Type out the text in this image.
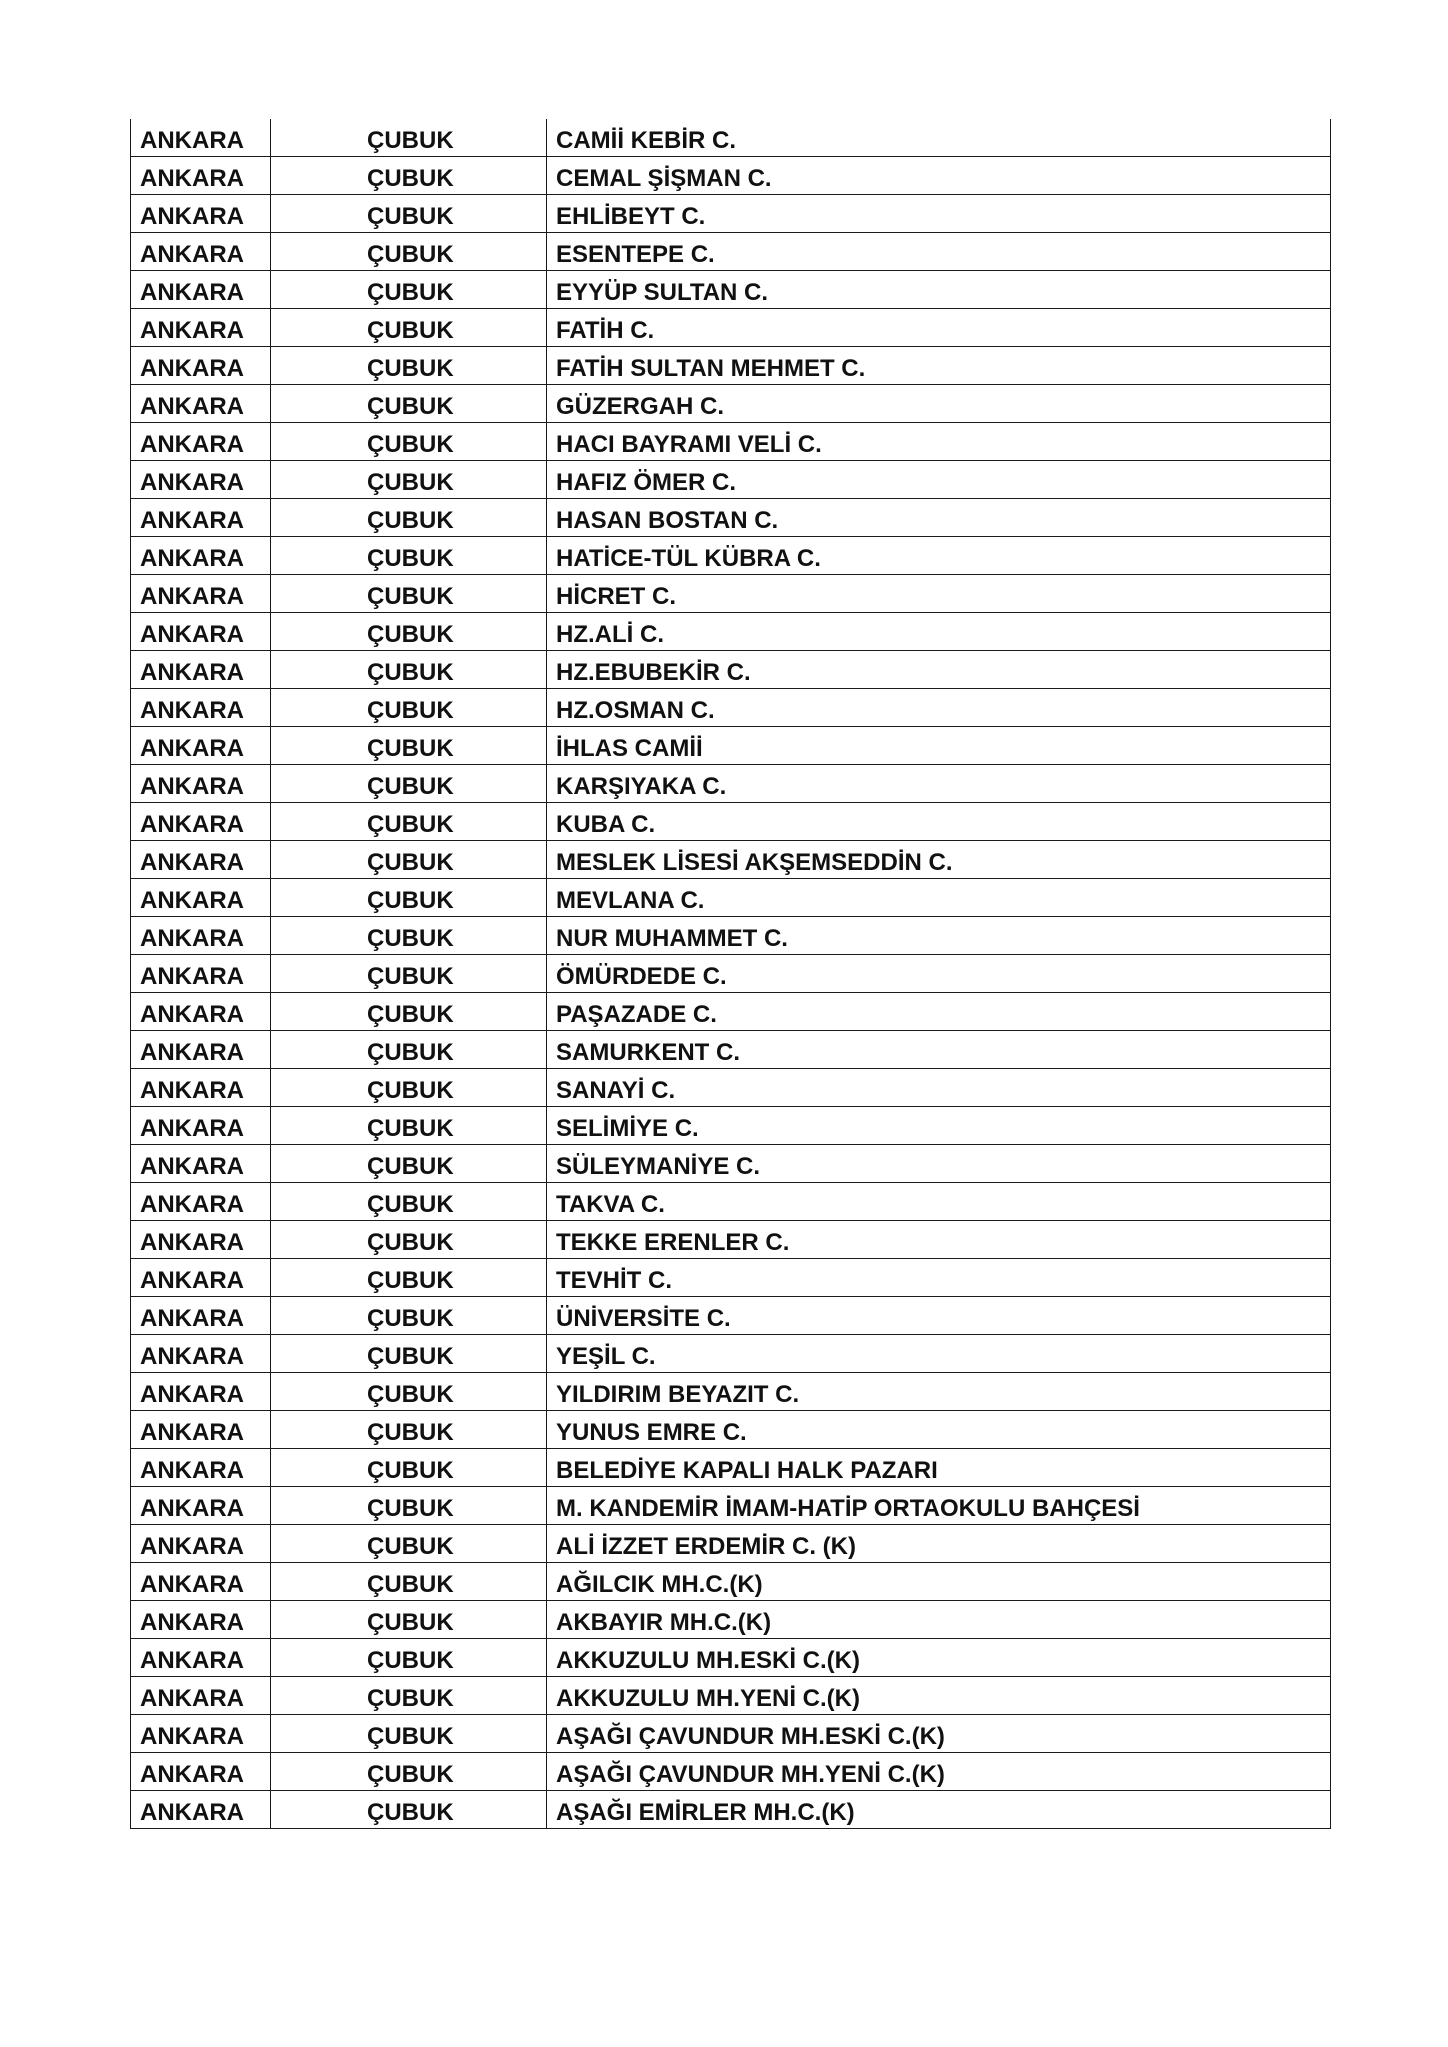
ANKARA	ÇUBUK	CAMİİ KEBİR C.
ANKARA	ÇUBUK	CEMAL ŞİŞMAN C.
ANKARA	ÇUBUK	EHLİBEYT C.
ANKARA	ÇUBUK	ESENTEPE C.
ANKARA	ÇUBUK	EYYÜP SULTAN C.
ANKARA	ÇUBUK	FATİH C.
ANKARA	ÇUBUK	FATİH SULTAN MEHMET C.
ANKARA	ÇUBUK	GÜZERGAH C.
ANKARA	ÇUBUK	HACI BAYRAMI VELİ C.
ANKARA	ÇUBUK	HAFIZ ÖMER C.
ANKARA	ÇUBUK	HASAN BOSTAN C.
ANKARA	ÇUBUK	HATİCE-TÜL KÜBRA C.
ANKARA	ÇUBUK	HİCRET C.
ANKARA	ÇUBUK	HZ.ALİ C.
ANKARA	ÇUBUK	HZ.EBUBEKİR C.
ANKARA	ÇUBUK	HZ.OSMAN C.
ANKARA	ÇUBUK	İHLAS CAMİİ
ANKARA	ÇUBUK	KARŞIYAKA C.
ANKARA	ÇUBUK	KUBA C.
ANKARA	ÇUBUK	MESLEK LİSESİ AKŞEMSEDDİN C.
ANKARA	ÇUBUK	MEVLANA C.
ANKARA	ÇUBUK	NUR MUHAMMET C.
ANKARA	ÇUBUK	ÖMÜRDEDE C.
ANKARA	ÇUBUK	PAŞAZADE C.
ANKARA	ÇUBUK	SAMURKENT C.
ANKARA	ÇUBUK	SANAYİ C.
ANKARA	ÇUBUK	SELİMİYE C.
ANKARA	ÇUBUK	SÜLEYMANİYE C.
ANKARA	ÇUBUK	TAKVA C.
ANKARA	ÇUBUK	TEKKE ERENLER C.
ANKARA	ÇUBUK	TEVHİT C.
ANKARA	ÇUBUK	ÜNİVERSİTE C.
ANKARA	ÇUBUK	YEŞİL C.
ANKARA	ÇUBUK	YILDIRIM BEYAZIT C.
ANKARA	ÇUBUK	YUNUS EMRE C.
ANKARA	ÇUBUK	BELEDİYE KAPALI HALK PAZARI
ANKARA	ÇUBUK	M. KANDEMİR İMAM-HATİP ORTAOKULU BAHÇESİ
ANKARA	ÇUBUK	ALİ İZZET ERDEMİR C. (K)
ANKARA	ÇUBUK	AĞILCIK MH.C.(K)
ANKARA	ÇUBUK	AKBAYIR MH.C.(K)
ANKARA	ÇUBUK	AKKUZULU MH.ESKİ C.(K)
ANKARA	ÇUBUK	AKKUZULU MH.YENİ C.(K)
ANKARA	ÇUBUK	AŞAĞI ÇAVUNDUR MH.ESKİ C.(K)
ANKARA	ÇUBUK	AŞAĞI ÇAVUNDUR MH.YENİ C.(K)
ANKARA	ÇUBUK	AŞAĞI EMİRLER MH.C.(K)
